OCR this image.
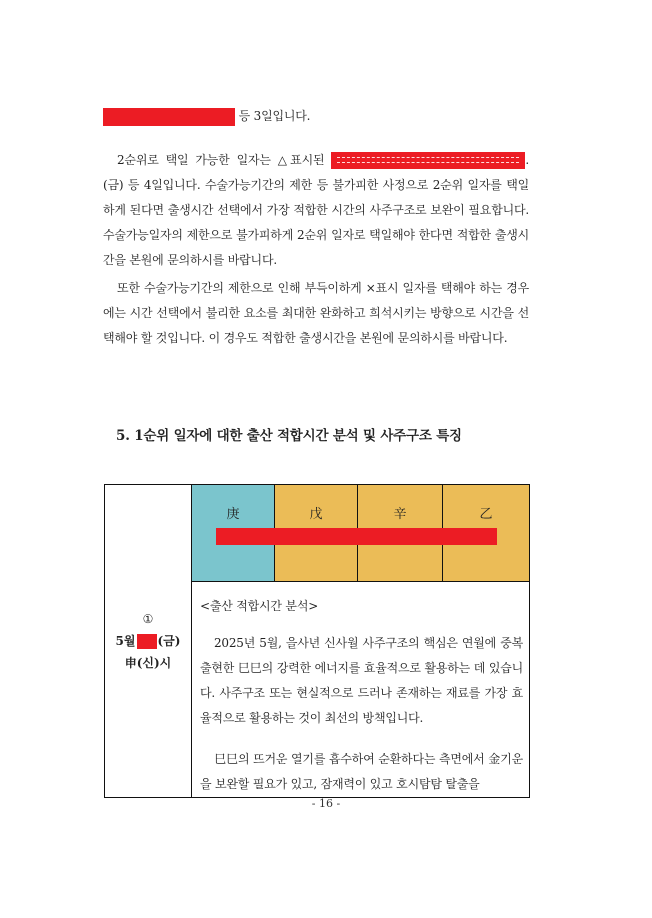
등 3일입니다.
2순위로 택일 가능한 일자는 △표시된	. (금) 등 4일입니다. 수술가능기간의 제한 등 불가피한 사정으로 2순위 일자를 택일하게 된다면 출생시간 선택에서 가장 적합한 시간의 사주구조로 보완이 필요합니다. 수술가능일자의 제한으로 불가피하게 2순위 일자로 택일해야 한다면 적합한 출생시간을 본원에 문의하시를 바랍니다.
또한 수술가능기간의 제한으로 인해 부득이하게 ×표시 일자를 택해야 하는 경우에는 시간 선택에서 불리한 요소를 최대한 완화하고 희석시키는 방향으로 시간을 선택해야 할 것입니다. 이 경우도 적합한 출생시간을 본원에 문의하시를 바랍니다.
5. 1순위 일자에 대한 출산 적합시간 분석 및 사주구조 특징
①
5월 (금)
申(신)시
	庚	戊	辛	乙

<출산 적합시간 분석>
2025년 5월, 을사년 신사월 사주구조의 핵심은 연월에 중복 출현한 巳巳의 강력한 에너지를 효율적으로 활용하는 데 있습니다. 사주구조 또는 현실적으로 드러나 존재하는 재료를 가장 효율적으로 활용하는 것이 최선의 방책입니다.
巳巳의 뜨거운 열기를 흡수하여 순환하다는 측면에서 金기운을 보완할 필요가 있고, 잠재력이 있고 호시탐탐 탈출을
- 16 -
